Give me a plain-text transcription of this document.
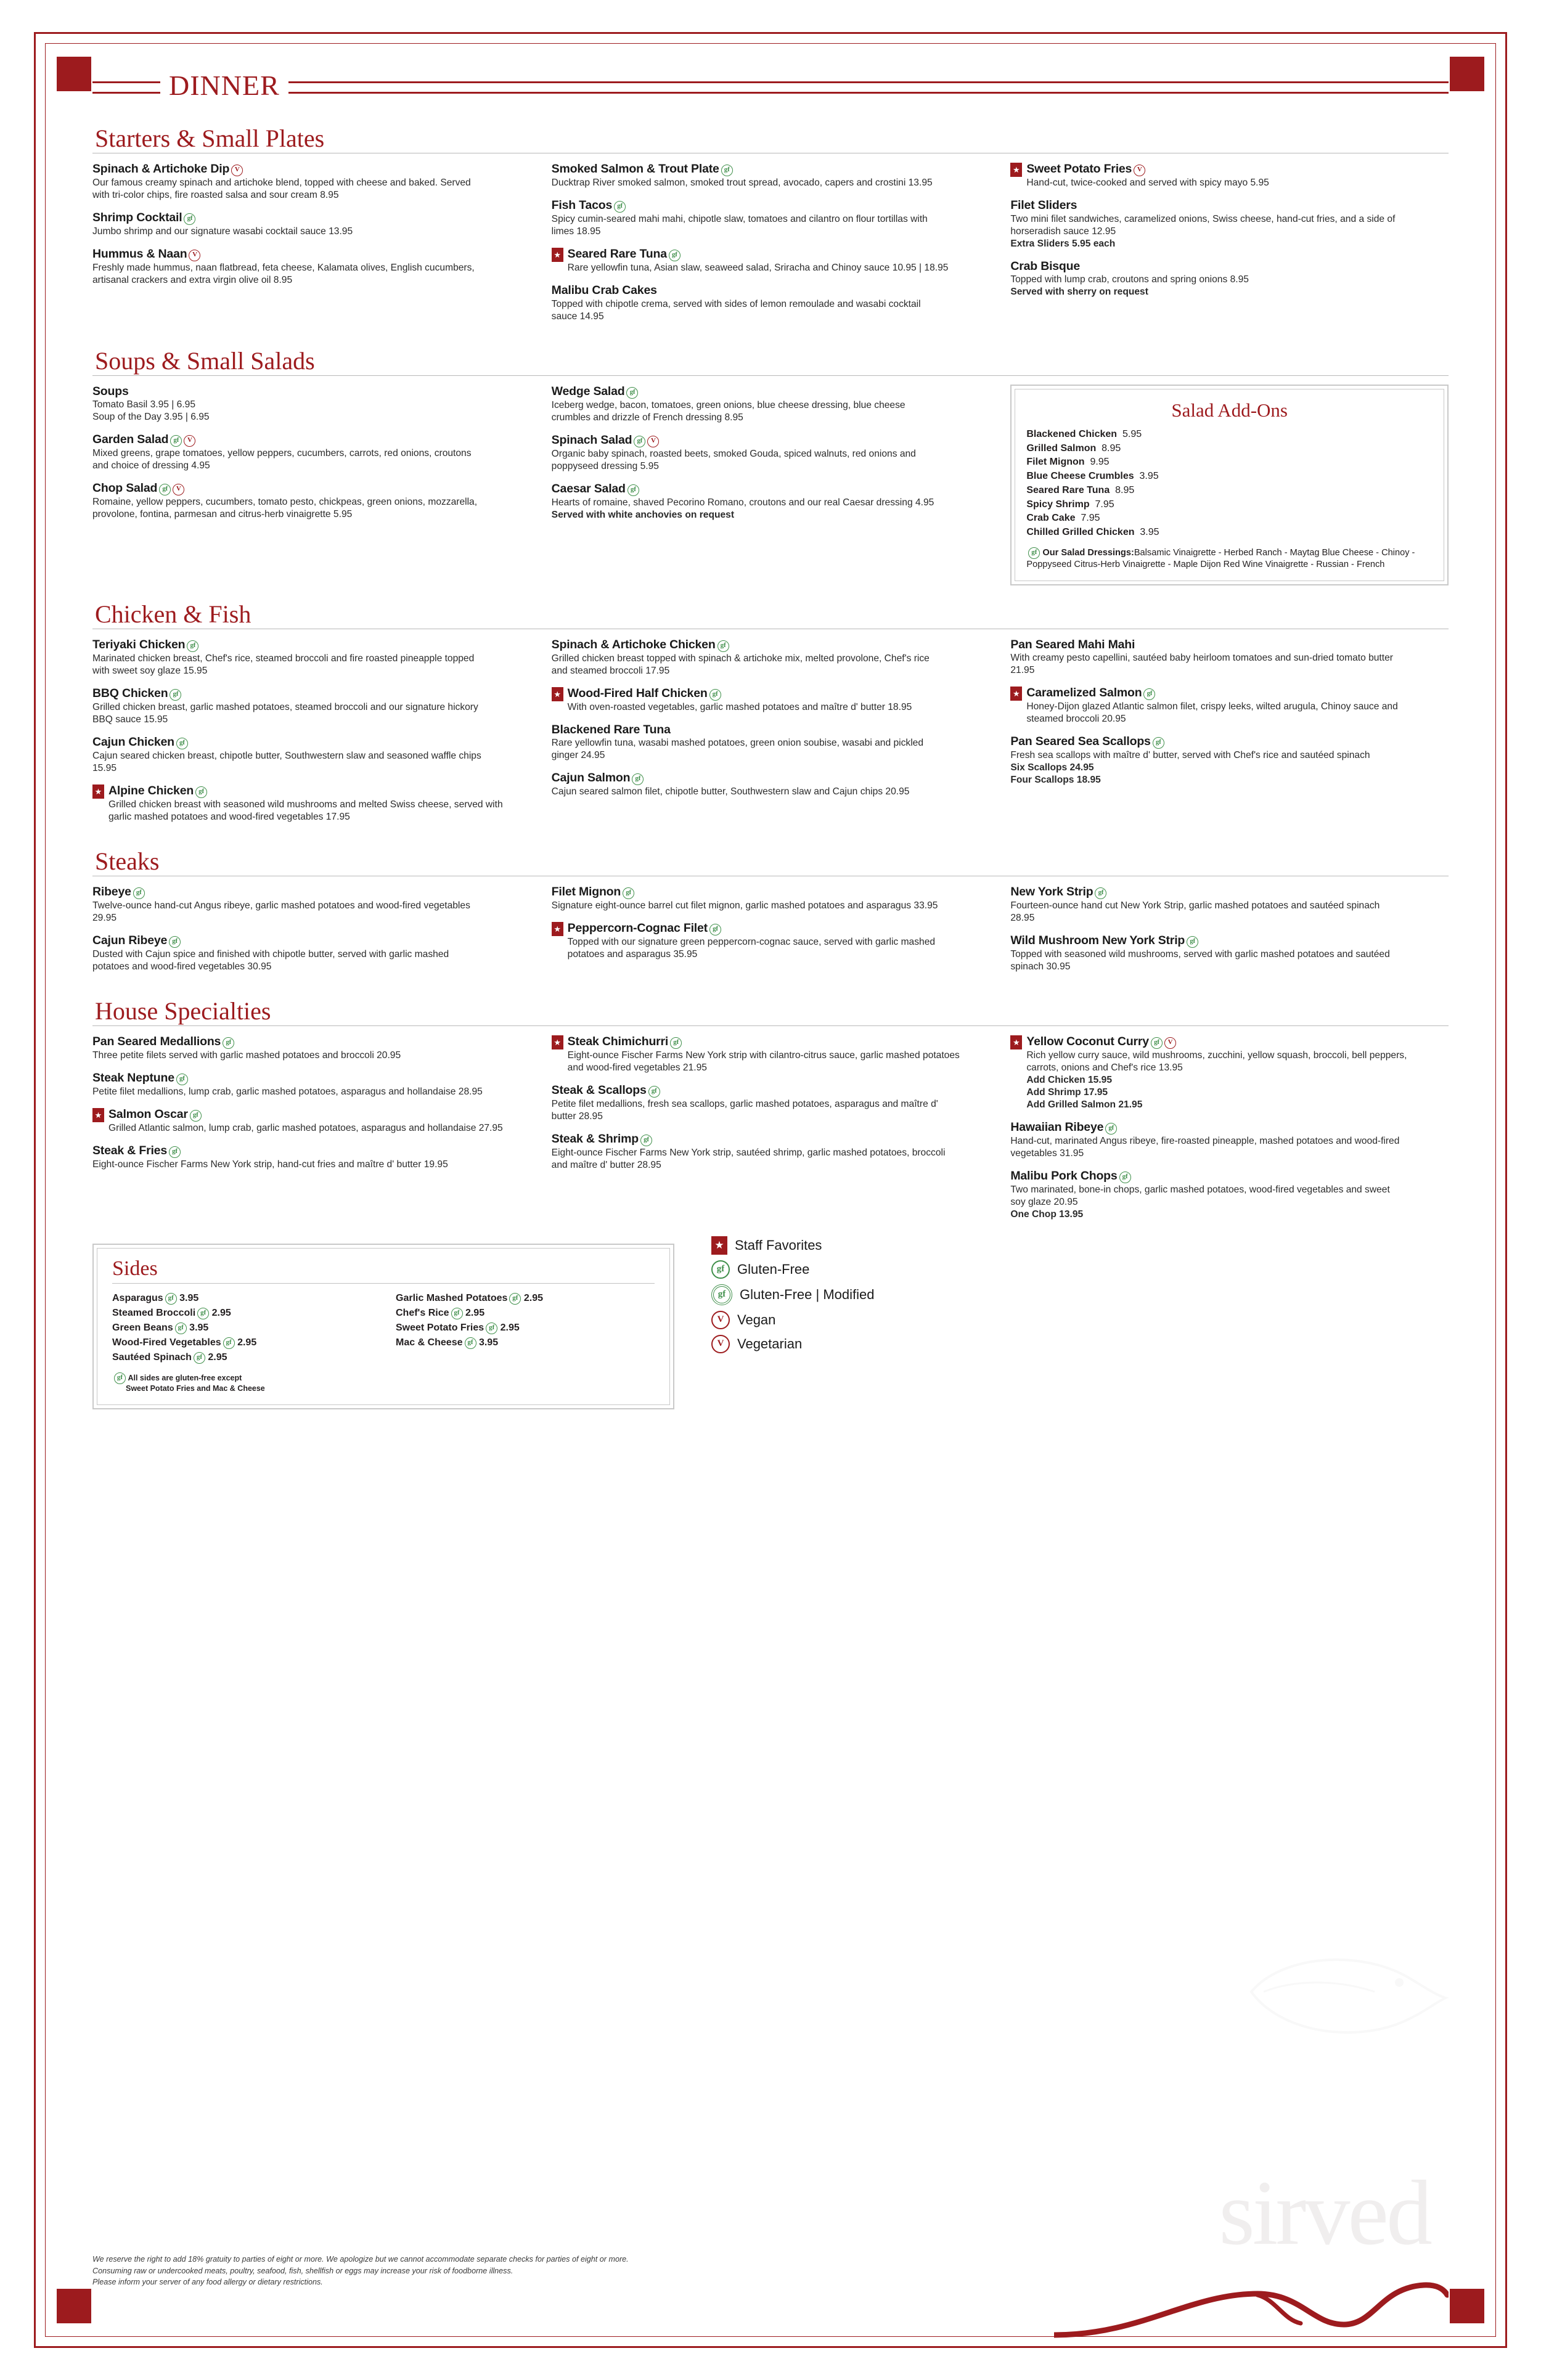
sirved
DINNER
Starters & Small Plates
Spinach & Artichoke Dip V
Our famous creamy spinach and artichoke blend, topped with cheese and baked. Served with tri-color chips, fire roasted salsa and sour cream 8.95
Shrimp Cocktail gf
Jumbo shrimp and our signature wasabi cocktail sauce 13.95
Hummus & Naan V
Freshly made hummus, naan flatbread, feta cheese, Kalamata olives, English cucumbers, artisanal crackers and extra virgin olive oil 8.95
Smoked Salmon & Trout Plate gf
Ducktrap River smoked salmon, smoked trout spread, avocado, capers and crostini 13.95
Fish Tacos gf
Spicy cumin-seared mahi mahi, chipotle slaw, tomatoes and cilantro on flour tortillas with limes 18.95
★ Seared Rare Tuna gf
Rare yellowfin tuna, Asian slaw, seaweed salad, Sriracha and Chinoy sauce 10.95 | 18.95
Malibu Crab Cakes
Topped with chipotle crema, served with sides of lemon remoulade and wasabi cocktail sauce 14.95
★ Sweet Potato Fries V
Hand-cut, twice-cooked and served with spicy mayo 5.95
Filet Sliders
Two mini filet sandwiches, caramelized onions, Swiss cheese, hand-cut fries, and a side of horseradish sauce 12.95
Extra Sliders 5.95 each
Crab Bisque
Topped with lump crab, croutons and spring onions 8.95
Served with sherry on request
Soups & Small Salads
Soups
Tomato Basil 3.95 | 6.95
Soup of the Day 3.95 | 6.95
Garden Salad gf V
Mixed greens, grape tomatoes, yellow peppers, cucumbers, carrots, red onions, croutons and choice of dressing 4.95
Chop Salad gf V
Romaine, yellow peppers, cucumbers, tomato pesto, chickpeas, green onions, mozzarella, provolone, fontina, parmesan and citrus-herb vinaigrette 5.95
Wedge Salad gf
Iceberg wedge, bacon, tomatoes, green onions, blue cheese dressing, blue cheese crumbles and drizzle of French dressing 8.95
Spinach Salad gf V
Organic baby spinach, roasted beets, smoked Gouda, spiced walnuts, red onions and poppyseed dressing 5.95
Caesar Salad gf
Hearts of romaine, shaved Pecorino Romano, croutons and our real Caesar dressing 4.95
Served with white anchovies on request
Salad Add-Ons
Blackened Chicken 5.95
Grilled Salmon 8.95
Filet Mignon 9.95
Blue Cheese Crumbles 3.95
Seared Rare Tuna 8.95
Spicy Shrimp 7.95
Crab Cake 7.95
Chilled Grilled Chicken 3.95
gf Our Salad Dressings:Balsamic Vinaigrette - Herbed Ranch - Maytag Blue Cheese - Chinoy - Poppyseed Citrus-Herb Vinaigrette - Maple Dijon Red Wine Vinaigrette - Russian - French
Chicken & Fish
Teriyaki Chicken gf
Marinated chicken breast, Chef's rice, steamed broccoli and fire roasted pineapple topped with sweet soy glaze 15.95
BBQ Chicken gf
Grilled chicken breast, garlic mashed potatoes, steamed broccoli and our signature hickory BBQ sauce 15.95
Cajun Chicken gf
Cajun seared chicken breast, chipotle butter, Southwestern slaw and seasoned waffle chips 15.95
★ Alpine Chicken gf
Grilled chicken breast with seasoned wild mushrooms and melted Swiss cheese, served with garlic mashed potatoes and wood-fired vegetables 17.95
Spinach & Artichoke Chicken gf
Grilled chicken breast topped with spinach & artichoke mix, melted provolone, Chef's rice and steamed broccoli 17.95
★ Wood-Fired Half Chicken gf
With oven-roasted vegetables, garlic mashed potatoes and maître d' butter 18.95
Blackened Rare Tuna
Rare yellowfin tuna, wasabi mashed potatoes, green onion soubise, wasabi and pickled ginger 24.95
Cajun Salmon gf
Cajun seared salmon filet, chipotle butter, Southwestern slaw and Cajun chips 20.95
Pan Seared Mahi Mahi
With creamy pesto capellini, sautéed baby heirloom tomatoes and sun-dried tomato butter 21.95
★ Caramelized Salmon gf
Honey-Dijon glazed Atlantic salmon filet, crispy leeks, wilted arugula, Chinoy sauce and steamed broccoli 20.95
Pan Seared Sea Scallops gf
Fresh sea scallops with maître d' butter, served with Chef's rice and sautéed spinach
Six Scallops 24.95
Four Scallops 18.95
Steaks
Ribeye gf
Twelve-ounce hand-cut Angus ribeye, garlic mashed potatoes and wood-fired vegetables 29.95
Cajun Ribeye gf
Dusted with Cajun spice and finished with chipotle butter, served with garlic mashed potatoes and wood-fired vegetables 30.95
Filet Mignon gf
Signature eight-ounce barrel cut filet mignon, garlic mashed potatoes and asparagus 33.95
★ Peppercorn-Cognac Filet gf
Topped with our signature green peppercorn-cognac sauce, served with garlic mashed potatoes and asparagus 35.95
New York Strip gf
Fourteen-ounce hand cut New York Strip, garlic mashed potatoes and sautéed spinach 28.95
Wild Mushroom New York Strip gf
Topped with seasoned wild mushrooms, served with garlic mashed potatoes and sautéed spinach 30.95
House Specialties
Pan Seared Medallions gf
Three petite filets served with garlic mashed potatoes and broccoli 20.95
Steak Neptune gf
Petite filet medallions, lump crab, garlic mashed potatoes, asparagus and hollandaise 28.95
★ Salmon Oscar gf
Grilled Atlantic salmon, lump crab, garlic mashed potatoes, asparagus and hollandaise 27.95
Steak & Fries gf
Eight-ounce Fischer Farms New York strip, hand-cut fries and maître d' butter 19.95
★ Steak Chimichurri gf
Eight-ounce Fischer Farms New York strip with cilantro-citrus sauce, garlic mashed potatoes and wood-fired vegetables 21.95
Steak & Scallops gf
Petite filet medallions, fresh sea scallops, garlic mashed potatoes, asparagus and maître d' butter 28.95
Steak & Shrimp gf
Eight-ounce Fischer Farms New York strip, sautéed shrimp, garlic mashed potatoes, broccoli and maître d' butter 28.95
★ Yellow Coconut Curry gf V
Rich yellow curry sauce, wild mushrooms, zucchini, yellow squash, broccoli, bell peppers, carrots, onions and Chef's rice 13.95
Add Chicken 15.95
Add Shrimp 17.95
Add Grilled Salmon 21.95
Hawaiian Ribeye gf
Hand-cut, marinated Angus ribeye, fire-roasted pineapple, mashed potatoes and wood-fired vegetables 31.95
Malibu Pork Chops gf
Two marinated, bone-in chops, garlic mashed potatoes, wood-fired vegetables and sweet soy glaze 20.95
One Chop 13.95
Sides
Asparagus gf 3.95
Steamed Broccoli gf 2.95
Green Beans gf 3.95
Wood-Fired Vegetables gf 2.95
Sautéed Spinach gf 2.95
Garlic Mashed Potatoes gf 2.95
Chef's Rice gf 2.95
Sweet Potato Fries gf 2.95
Mac & Cheese gf 3.95
gf All sides are gluten-free except
Sweet Potato Fries and Mac & Cheese
★ Staff Favorites
gf Gluten-Free
gf	Gluten-Free | Modified
V Vegan
V Vegetarian
We reserve the right to add 18% gratuity to parties of eight or more. We apologize but we cannot accommodate separate checks for parties of eight or more.
Consuming raw or undercooked meats, poultry, seafood, fish, shellfish or eggs may increase your risk of foodborne illness.
Please inform your server of any food allergy or dietary restrictions.
